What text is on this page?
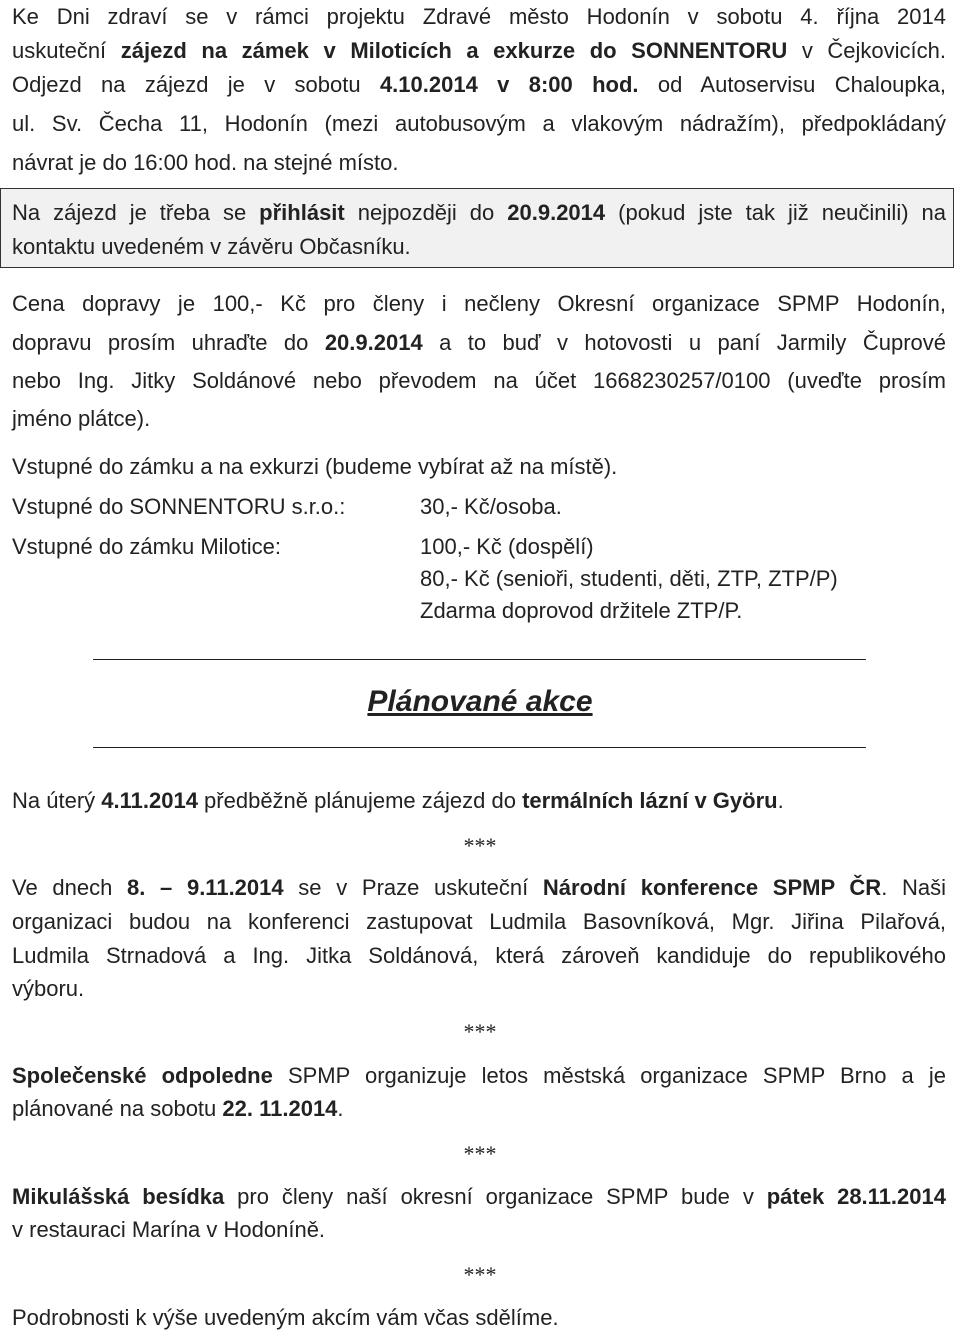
Ke Dni zdraví se v rámci projektu Zdravé město Hodonín v sobotu 4. října 2014
uskuteční zájezd na zámek v Miloticích a exkurze do SONNENTORU v Čejkovicích.
Odjezd na zájezd je v sobotu 4.10.2014 v 8:00 hod. od Autoservisu Chaloupka,
ul. Sv. Čecha 11, Hodonín (mezi autobusovým a vlakovým nádražím), předpokládaný
návrat je do 16:00 hod. na stejné místo.
Na zájezd je třeba se přihlásit nejpozději do 20.9.2014 (pokud jste tak již neučinili) na
kontaktu uvedeném v závěru Občasníku.
Cena dopravy je 100,- Kč pro členy i nečleny Okresní organizace SPMP Hodonín,
dopravu prosím uhraďte do 20.9.2014 a to buď v hotovosti u paní Jarmily Čuprové
nebo Ing. Jitky Soldánové nebo převodem na účet 1668230257/0100 (uveďte prosím
jméno plátce).
Vstupné do zámku a na exkurzi (budeme vybírat až na místě).
Vstupné do SONNENTORU s.r.o.:	30,- Kč/osoba.
Vstupné do zámku Milotice:	100,- Kč (dospělí)
80,- Kč (senioři, studenti, děti, ZTP, ZTP/P)
Zdarma doprovod držitele ZTP/P.
Plánované akce
Na úterý 4.11.2014 předběžně plánujeme zájezd do termálních lázní v Györu.
***
Ve dnech 8. – 9.11.2014 se v Praze uskuteční Národní konference SPMP ČR. Naši
organizaci budou na konferenci zastupovat Ludmila Basovníková, Mgr. Jiřina Pilařová,
Ludmila Strnadová a Ing. Jitka Soldánová, která zároveň kandiduje do republikového
výboru.
***
Společenské odpoledne SPMP organizuje letos městská organizace SPMP Brno a je
plánované na sobotu 22. 11.2014.
***
Mikulášská besídka pro členy naší okresní organizace SPMP bude v pátek 28.11.2014
v restauraci Marína v Hodoníně.
***
Podrobnosti k výše uvedeným akcím vám včas sdělíme.
